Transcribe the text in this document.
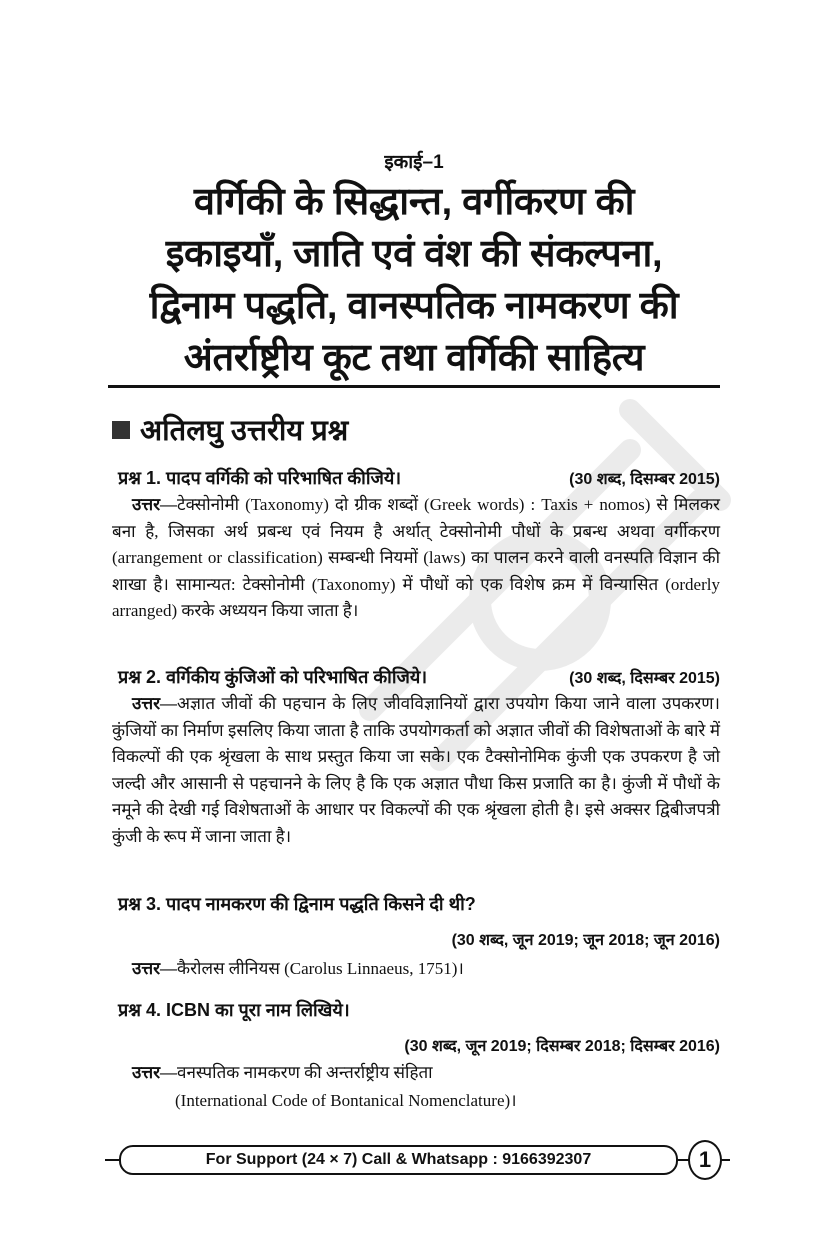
इकाई–1
वर्गिकी के सिद्धान्त, वर्गीकरण की
इकाइयाँ, जाति एवं वंश की संकल्पना,
द्विनाम पद्धति, वानस्पतिक नामकरण की
अंतर्राष्ट्रीय कूट तथा वर्गिकी साहित्य
अतिलघु उत्तरीय प्रश्न
प्रश्न 1. पादप वर्गिकी को परिभाषित कीजिये।	(30 शब्द, दिसम्बर 2015)
उत्तर—टेक्सोनोमी (Taxonomy) दो ग्रीक शब्दों (Greek words) : Taxis + nomos) से मिलकर बना है, जिसका अर्थ प्रबन्ध एवं नियम है अर्थात् टेक्सोनोमी पौधों के प्रबन्ध अथवा वर्गीकरण (arrangement or classification) सम्बन्धी नियमों (laws) का पालन करने वाली वनस्पति विज्ञान की शाखा है। सामान्यत: टेक्सोनोमी (Taxonomy) में पौधों को एक विशेष क्रम में विन्यासित (orderly arranged) करके अध्ययन किया जाता है।
प्रश्न 2. वर्गिकीय कुंजिओं को परिभाषित कीजिये।	(30 शब्द, दिसम्बर 2015)
उत्तर—अज्ञात जीवों की पहचान के लिए जीवविज्ञानियों द्वारा उपयोग किया जाने वाला उपकरण। कुंजियों का निर्माण इसलिए किया जाता है ताकि उपयोगकर्ता को अज्ञात जीवों की विशेषताओं के बारे में विकल्पों की एक श्रृंखला के साथ प्रस्तुत किया जा सके। एक टैक्सोनोमिक कुंजी एक उपकरण है जो जल्दी और आसानी से पहचानने के लिए है कि एक अज्ञात पौधा किस प्रजाति का है। कुंजी में पौधों के नमूने की देखी गई विशेषताओं के आधार पर विकल्पों की एक श्रृंखला होती है। इसे अक्सर द्विबीजपत्री कुंजी के रूप में जाना जाता है।
प्रश्न 3. पादप नामकरण की द्विनाम पद्धति किसने दी थी?
(30 शब्द, जून 2019; जून 2018; जून 2016)
उत्तर—कैरोलस लीनियस (Carolus Linnaeus, 1751)।
प्रश्न 4. ICBN का पूरा नाम लिखिये।
(30 शब्द, जून 2019; दिसम्बर 2018; दिसम्बर 2016)
उत्तर—वनस्पतिक नामकरण की अन्तर्राष्ट्रीय संहिता
(International Code of Bontanical Nomenclature)।
For Support (24 × 7) Call & Whatsapp : 9166392307	1
